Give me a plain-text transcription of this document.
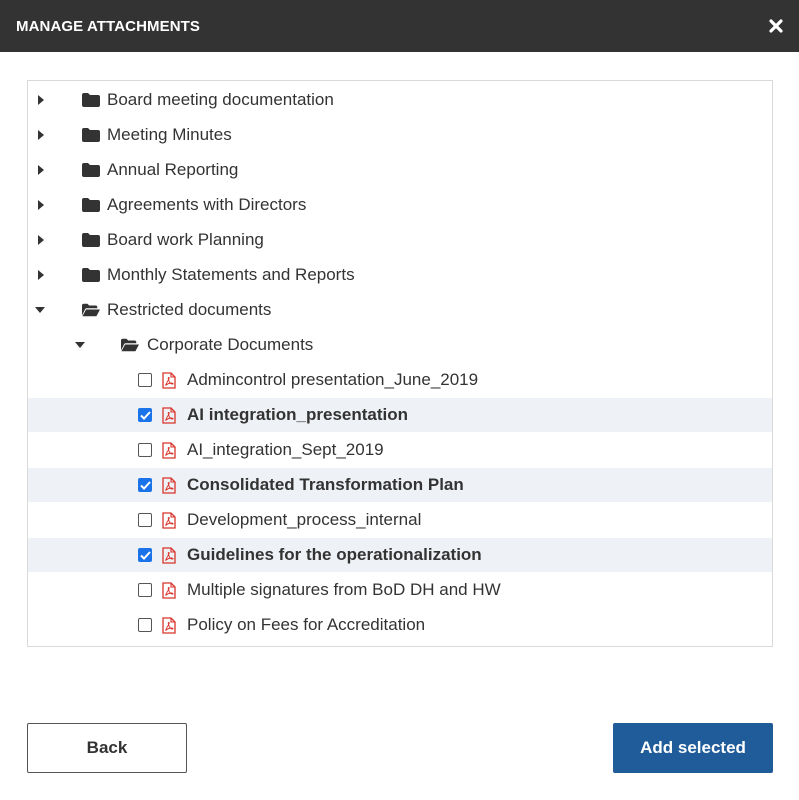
MANAGE ATTACHMENTS
Board meeting documentation
Meeting Minutes
Annual Reporting
Agreements with Directors
Board work Planning
Monthly Statements and Reports
Restricted documents
Corporate Documents
Admincontrol presentation_June_2019
AI integration_presentation
AI_integration_Sept_2019
Consolidated Transformation Plan
Development_process_internal
Guidelines for the operationalization
Multiple signatures from BoD DH and HW
Policy on Fees for Accreditation
Back	Add selected
